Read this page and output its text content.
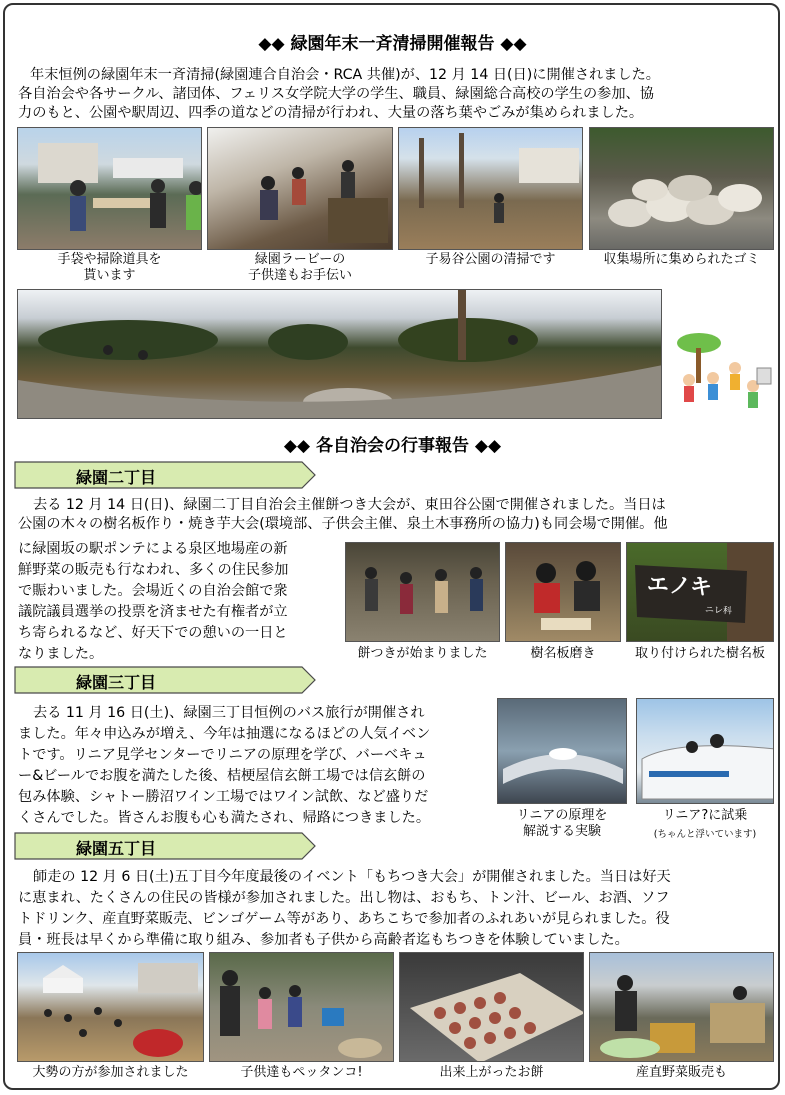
◆◆ 緑園年末一斉清掃開催報告 ◆◆
年末恒例の緑園年末一斉清掃(緑園連合自治会・RCA 共催)が、12 月 14 日(日)に開催されました。
各自治会や各サークル、諸団体、フェリス女学院大学の学生、職員、緑園総合高校の学生の参加、協
力のもと、公園や駅周辺、四季の道などの清掃が行われ、大量の落ち葉やごみが集められました。
手袋や掃除道具を
貰います
緑園ラービーの
子供達もお手伝い
子易谷公園の清掃です	収集場所に集められたゴミ
◆◆ 各自治会の行事報告 ◆◆
緑園二丁目
去る 12 月 14 日(日)、緑園二丁目自治会主催餅つき大会が、東田谷公園で開催されました。当日は
公園の木々の樹名板作り・焼き芋大会(環境部、子供会主催、泉土木事務所の協力)も同会場で開催。他
に緑園坂の駅ポンテによる泉区地場産の新
鮮野菜の販売も行なわれ、多くの住民参加
で賑わいました。会場近くの自治会館で衆
議院議員選挙の投票を済ませた有権者が立
ち寄られるなど、好天下での憩いの一日と
なりました。
エノキ
ニレ科
餅つきが始まりました	樹名板磨き	取り付けられた樹名板
緑園三丁目
去る 11 月 16 日(土)、緑園三丁目恒例のバス旅行が開催され
ました。年々申込みが増え、今年は抽選になるほどの人気イベン
トです。リニア見学センターでリニアの原理を学び、バーベキュ
ー&ビールでお腹を満たした後、桔梗屋信玄餅工場では信玄餅の
包み体験、シャトー勝沼ワイン工場ではワイン試飲、など盛りだ
くさんでした。皆さんお腹も心も満たされ、帰路につきました。	リニアの原理を
解説する実験
リニア?に試乗
(ちゃんと浮いています)
緑園五丁目
師走の 12 月 6 日(土)五丁目今年度最後のイベント「もちつき大会」が開催されました。当日は好天
に恵まれ、たくさんの住民の皆様が参加されました。出し物は、おもち、トン汁、ビール、お酒、ソフ
トドリンク、産直野菜販売、ビンゴゲーム等があり、あちこちで参加者のふれあいが見られました。役
員・班長は早くから準備に取り組み、参加者も子供から高齢者迄もちつきを体験していました。
大勢の方が参加されました	子供達もペッタンコ!	出来上がったお餅	産直野菜販売も
